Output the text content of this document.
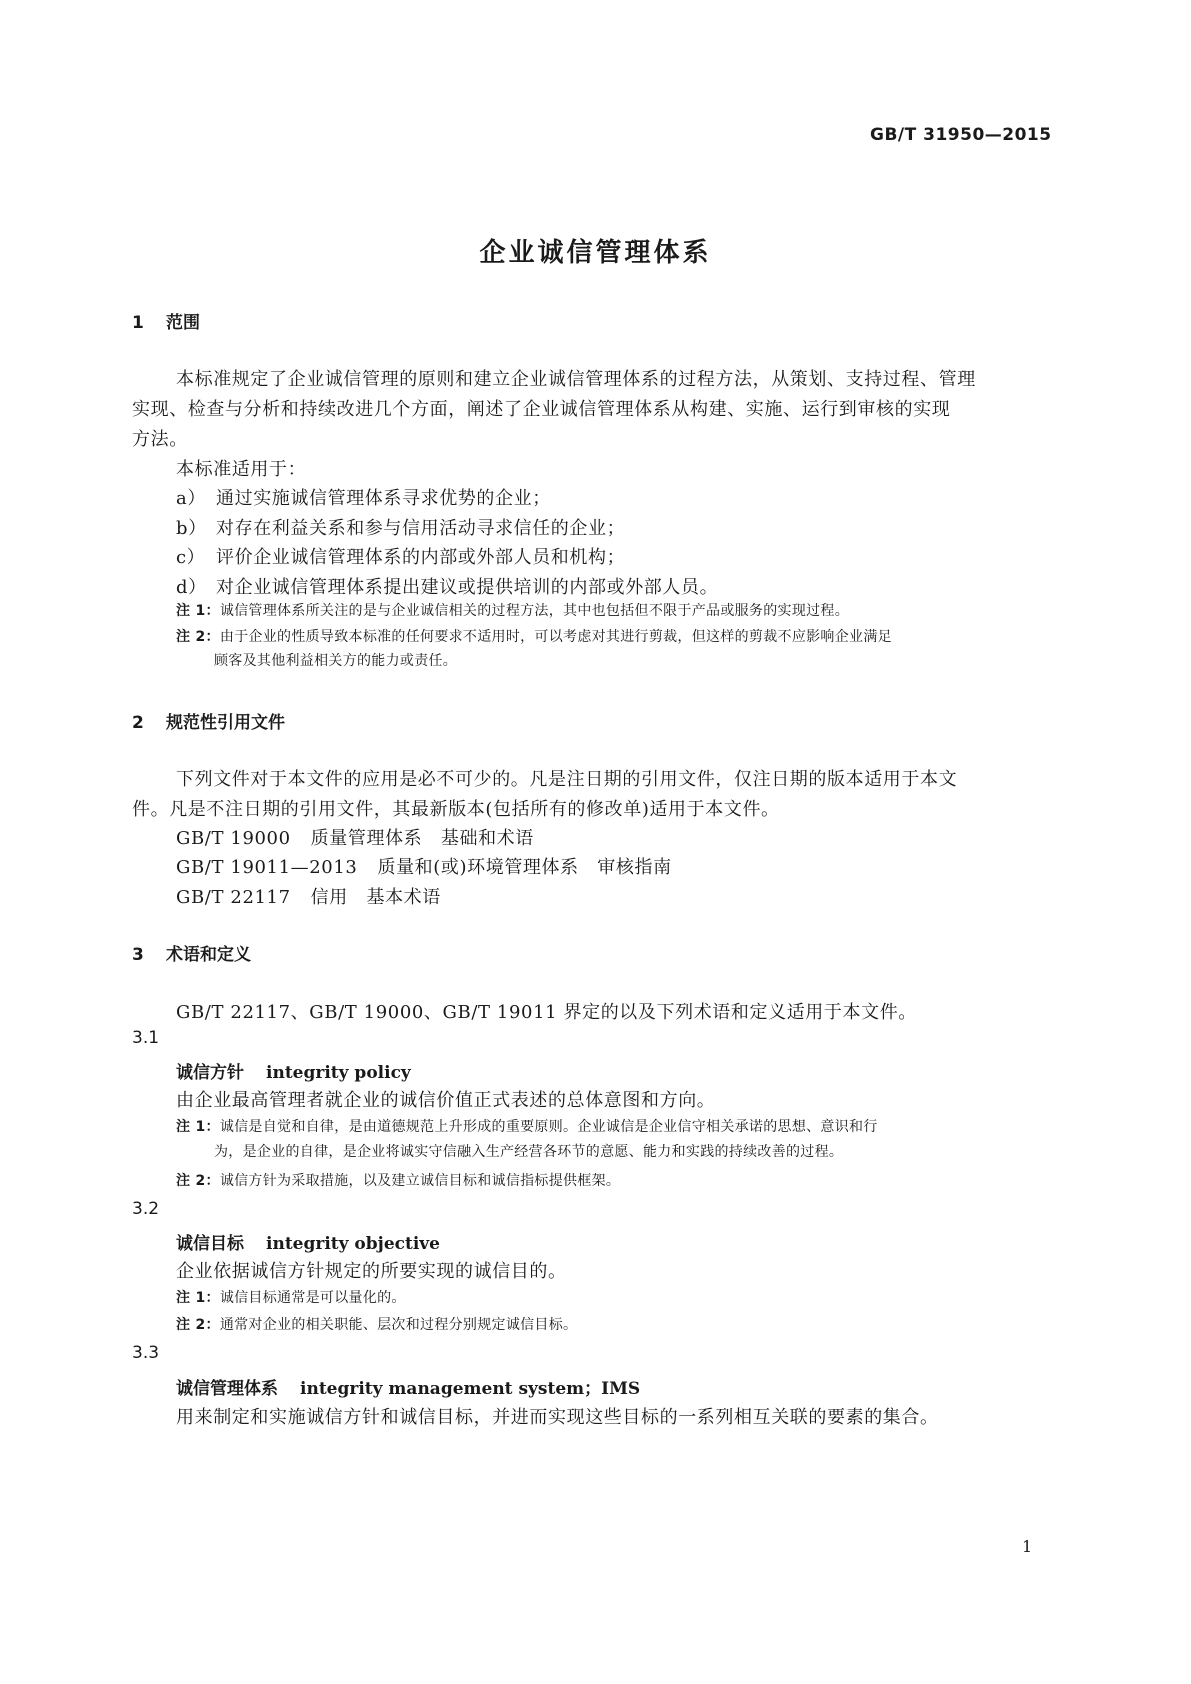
GB/T 31950—2015
企业诚信管理体系
1 范围
本标准规定了企业诚信管理的原则和建立企业诚信管理体系的过程方法，从策划、支持过程、管理
实现、检查与分析和持续改进几个方面，阐述了企业诚信管理体系从构建、实施、运行到审核的实现
方法。
本标准适用于：
a） 通过实施诚信管理体系寻求优势的企业；
b） 对存在利益关系和参与信用活动寻求信任的企业；
c） 评价企业诚信管理体系的内部或外部人员和机构；
d） 对企业诚信管理体系提出建议或提供培训的内部或外部人员。
注 1：诚信管理体系所关注的是与企业诚信相关的过程方法，其中也包括但不限于产品或服务的实现过程。
注 2：由于企业的性质导致本标准的任何要求不适用时，可以考虑对其进行剪裁，但这样的剪裁不应影响企业满足
顾客及其他利益相关方的能力或责任。
2 规范性引用文件
下列文件对于本文件的应用是必不可少的。凡是注日期的引用文件，仅注日期的版本适用于本文
件。凡是不注日期的引用文件，其最新版本(包括所有的修改单)适用于本文件。
GB/T 19000 质量管理体系　基础和术语
GB/T 19011—2013 质量和(或)环境管理体系　审核指南
GB/T 22117 信用　基本术语
3 术语和定义
GB/T 22117、GB/T 19000、GB/T 19011 界定的以及下列术语和定义适用于本文件。
3.1
诚信方针 integrity policy
由企业最高管理者就企业的诚信价值正式表述的总体意图和方向。
注 1：诚信是自觉和自律，是由道德规范上升形成的重要原则。企业诚信是企业信守相关承诺的思想、意识和行
为，是企业的自律，是企业将诚实守信融入生产经营各环节的意愿、能力和实践的持续改善的过程。
注 2：诚信方针为采取措施，以及建立诚信目标和诚信指标提供框架。
3.2
诚信目标 integrity objective
企业依据诚信方针规定的所要实现的诚信目的。
注 1：诚信目标通常是可以量化的。
注 2：通常对企业的相关职能、层次和过程分别规定诚信目标。
3.3
诚信管理体系 integrity management system；IMS
用来制定和实施诚信方针和诚信目标，并进而实现这些目标的一系列相互关联的要素的集合。
1
